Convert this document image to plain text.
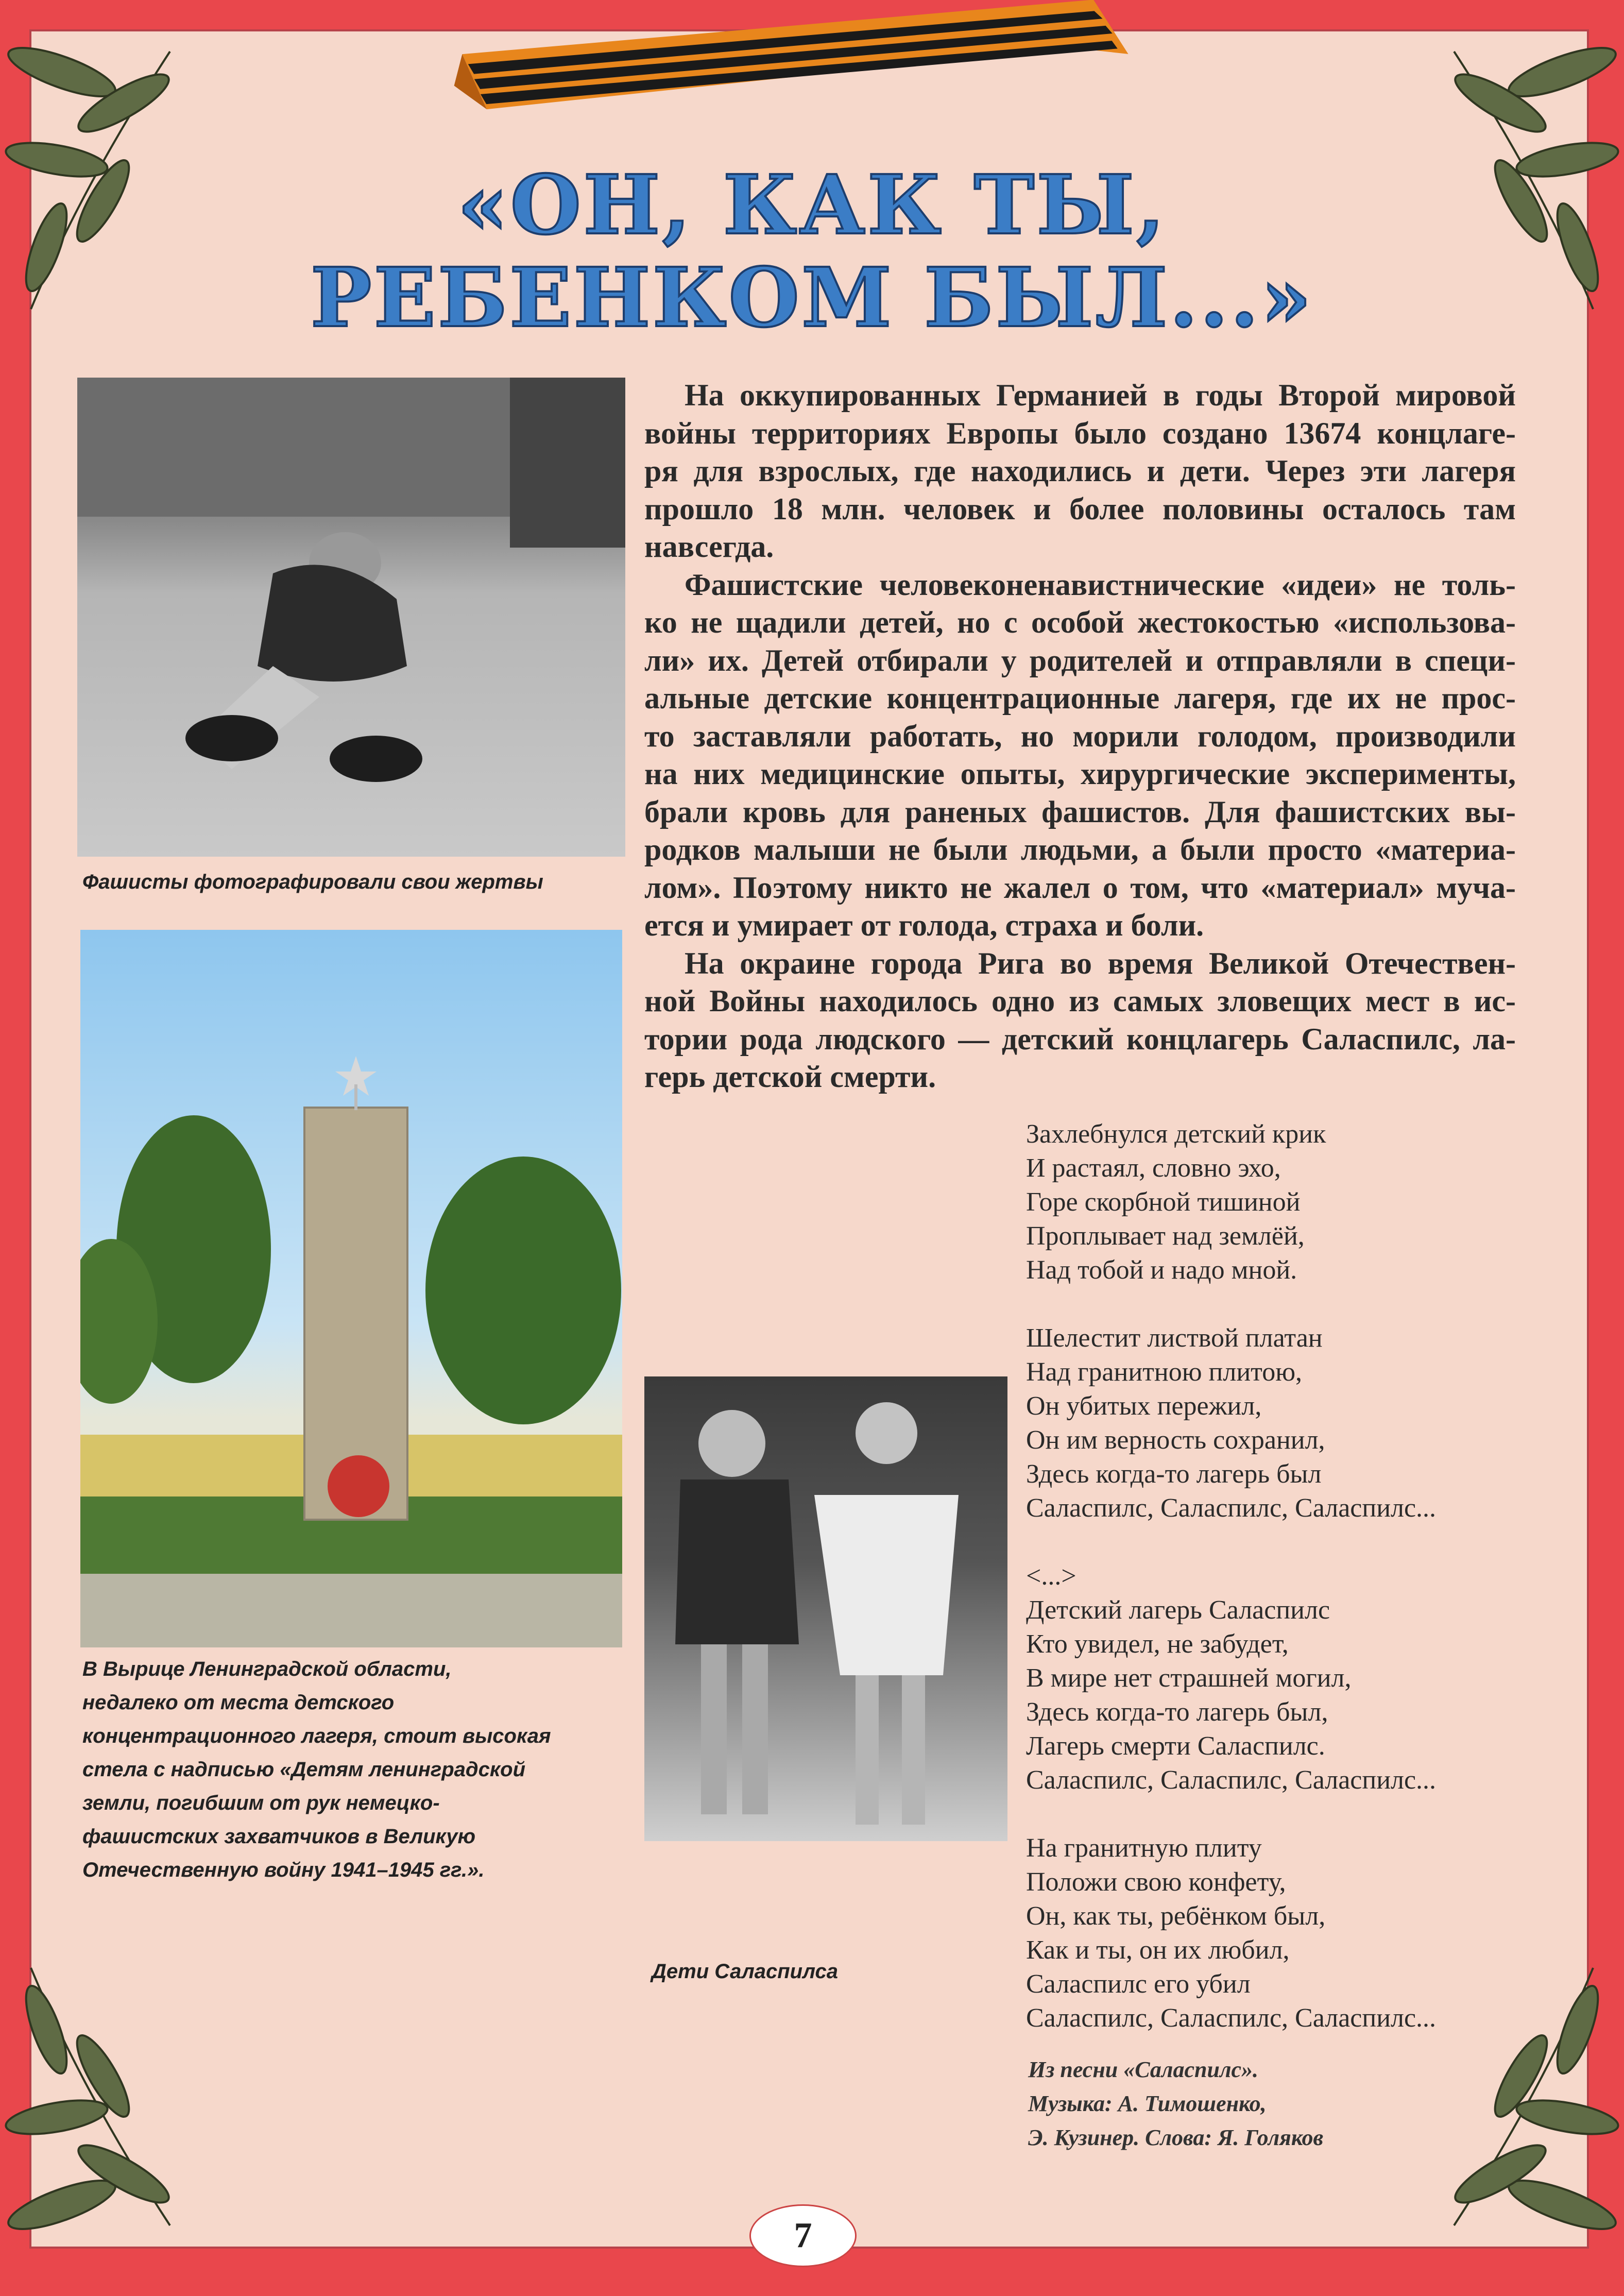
«ОН, КАК ТЫ,
РЕБЕНКОМ БЫЛ...»
Фашисты фотографировали свои жертвы
В Вырице Ленинградской области,
недалеко от места детского
концентрационного лагеря, стоит высокая
стела с надписью «Детям ленинградской
земли, погибшим от рук немецко-
фашистских захватчиков в Великую
Отечественную войну 1941–1945 гг.».
Дети Саласпилса
На оккупированных Германией в годы Второй мировой
войны территориях Европы было создано 13674 концлаге-
ря для взрослых, где находились и дети. Через эти лагеря
прошло 18 млн. человек и более половины осталось там
навсегда.
Фашистские человеконенавистнические «идеи» не толь-
ко не щадили детей, но с особой жестокостью «использова-
ли» их. Детей отбирали у родителей и отправляли в специ-
альные детские концентрационные лагеря, где их не прос-
то заставляли работать, но морили голодом, производили
на них медицинские опыты, хирургические эксперименты,
брали кровь для раненых фашистов. Для фашистских вы-
родков малыши не были людьми, а были просто «материа-
лом». Поэтому никто не жалел о том, что «материал» муча-
ется и умирает от голода, страха и боли.
На окраине города Рига во время Великой Отечествен-
ной Войны находилось одно из самых зловещих мест в ис-
тории рода людского — детский концлагерь Саласпилс, ла-
герь детской смерти.
Захлебнулся детский крик
И растаял, словно эхо,
Горе скорбной тишиной
Проплывает над землёй,
Над тобой и надо мной.
Шелестит листвой платан
Над гранитною плитою,
Он убитых пережил,
Он им верность сохранил,
Здесь когда-то лагерь был
Саласпилс, Саласпилс, Саласпилс...
<...>
Детский лагерь Саласпилс
Кто увидел, не забудет,
В мире нет страшней могил,
Здесь когда-то лагерь был,
Лагерь смерти Саласпилс.
Саласпилс, Саласпилс, Саласпилс...
На гранитную плиту
Положи свою конфету,
Он, как ты, ребёнком был,
Как и ты, он их любил,
Саласпилс его убил
Саласпилс, Саласпилс, Саласпилс...
Из песни «Саласпилс».
Музыка: А. Тимошенко,
Э. Кузинер. Слова: Я. Голяков
7
